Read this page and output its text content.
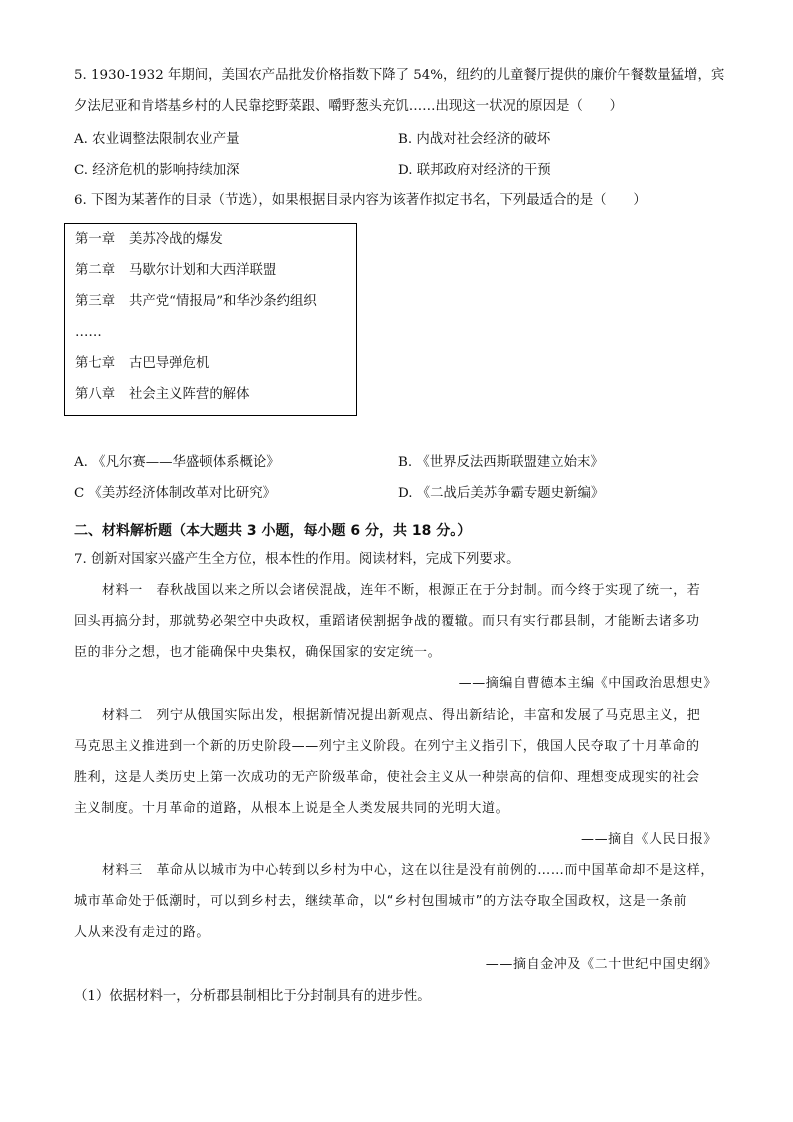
5. 1930-1932 年期间，美国农产品批发价格指数下降了 54%，纽约的儿童餐厅提供的廉价午餐数量猛增，宾
夕法尼亚和肯塔基乡村的人民靠挖野菜跟、嚼野葱头充饥……出现这一状况的原因是（　　）
A. 农业调整法限制农业产量	B. 内战对社会经济的破坏
C. 经济危机的影响持续加深	D. 联邦政府对经济的干预
6. 下图为某著作的目录（节选），如果根据目录内容为该著作拟定书名，下列最适合的是（　　）
第一章 美苏冷战的爆发
第二章 马歇尔计划和大西洋联盟
第三章 共产党“情报局”和华沙条约组织
……
第七章 古巴导弹危机
第八章 社会主义阵营的解体
A. 《凡尔赛——华盛顿体系概论》	B. 《世界反法西斯联盟建立始末》
C 《美苏经济体制改革对比研究》	D. 《二战后美苏争霸专题史新编》
二、材料解析题（本大题共 3 小题，每小题 6 分，共 18 分。）
7. 创新对国家兴盛产生全方位，根本性的作用。阅读材料，完成下列要求。
材料一　春秋战国以来之所以会诸侯混战，连年不断，根源正在于分封制。而今终于实现了统一，若
回头再搞分封，那就势必架空中央政权，重蹈诸侯割据争战的覆辙。而只有实行郡县制，才能断去诸多功
臣的非分之想，也才能确保中央集权，确保国家的安定统一。
——摘编自曹德本主编《中国政治思想史》
材料二　列宁从俄国实际出发，根据新情况提出新观点、得出新结论，丰富和发展了马克思主义，把
马克思主义推进到一个新的历史阶段——列宁主义阶段。在列宁主义指引下，俄国人民夺取了十月革命的
胜利，这是人类历史上第一次成功的无产阶级革命，使社会主义从一种崇高的信仰、理想变成现实的社会
主义制度。十月革命的道路，从根本上说是全人类发展共同的光明大道。
——摘自《人民日报》
材料三　革命从以城市为中心转到以乡村为中心，这在以往是没有前例的……而中国革命却不是这样，
城市革命处于低潮时，可以到乡村去，继续革命，以“乡村包围城市”的方法夺取全国政权，这是一条前
人从来没有走过的路。
——摘自金冲及《二十世纪中国史纲》
（1）依据材料一，分析郡县制相比于分封制具有的进步性。
